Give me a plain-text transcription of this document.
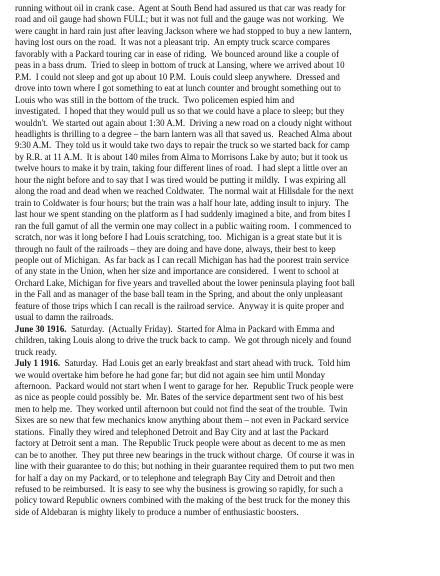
running without oil in crank case.  Agent at South Bend had assured us that car was ready for
road and oil gauge had shown FULL; but it was not full and the gauge was not working.  We
were caught in hard rain just after leaving Jackson where we had stopped to buy a new lantern,
having lost ours on the road.  It was not a pleasant trip.  An empty truck scarce compares
favorably with a Packard touring car in ease of riding.  We bounced around like a couple of
peas in a bass drum.  Tried to sleep in bottom of truck at Lansing, where we arrived about 10
P.M.  I could not sleep and got up about 10 P.M.  Louis could sleep anywhere.  Dressed and
drove into town where I got something to eat at lunch counter and brought something out to
Louis who was still in the bottom of the truck.  Two policemen espied him and
investigated.  I hoped that they would pull us so that we could have a place to sleep; but they
wouldn't.  We started out again about 1:30 A.M.  Driving a new road on a cloudy night without
headlights is thrilling to a degree – the barn lantern was all that saved us.  Reached Alma about
9:30 A.M.  They told us it would take two days to repair the truck so we started back for camp
by R.R. at 11 A.M.  It is about 140 miles from Alma to Morrisons Lake by auto; but it took us
twelve hours to make it by train, taking four different lines of road.  I had slept a little over an
hour the night before and to say that I was tired would be putting it mildly.  I was expiring all
along the road and dead when we reached Coldwater.  The normal wait at Hillsdale for the next
train to Coldwater is four hours; but the train was a half hour late, adding insult to injury.  The
last hour we spent standing on the platform as I had suddenly imagined a bite, and from bites I
ran the full gamut of all the vermin one may collect in a public waiting room.  I commenced to
scratch, nor was it long before I had Louis scratching, too.  Michigan is a great state but it is
through no fault of the railroads – they are doing and have done, always, their best to keep
people out of Michigan.  As far back as I can recall Michigan has had the poorest train service
of any state in the Union, when her size and importance are considered.  I went to school at
Orchard Lake, Michigan for five years and travelled about the lower peninsula playing foot ball
in the Fall and as manager of the base ball team in the Spring, and about the only unpleasant
feature of those trips which I can recall is the railroad service.  Anyway it is quite proper and
usual to damn the railroads.
June 30 1916.  Saturday.  (Actually Friday).  Started for Alma in Packard with Emma and
children, taking Louis along to drive the truck back to camp.  We got through nicely and found
truck ready.
July 1 1916.  Saturday.  Had Louis get an early breakfast and start ahead with truck.  Told him
we would overtake him before he had gone far; but did not again see him until Monday
afternoon.  Packard would not start when I went to garage for her.  Republic Truck people were
as nice as people could possibly be.  Mr. Bates of the service department sent two of his best
men to help me.  They worked until afternoon but could not find the seat of the trouble.  Twin
Sixes are so new that few mechanics know anything about them – not even in Packard service
stations.  Finally they wired and telephoned Detroit and Bay City and at last the Packard
factory at Detroit sent a man.  The Republic Truck people were about as decent to me as men
can be to another.  They put three new bearings in the truck without charge.  Of course it was in
line with their guarantee to do this; but nothing in their guarantee required them to put two men
for half a day on my Packard, or to telephone and telegraph Bay City and Detroit and then
refused to be reimbursed.  It is easy to see why the business is growing so rapidly, for such a
policy toward Republic owners combined with the making of the best truck for the money this
side of Aldebaran is mighty likely to produce a number of enthusiastic boosters.
